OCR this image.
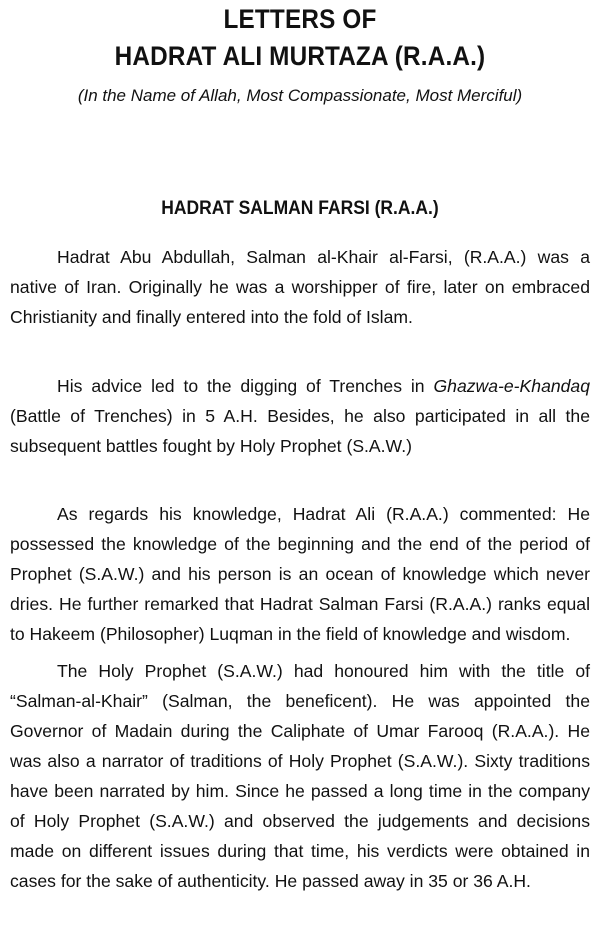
LETTERS OF
HADRAT ALI MURTAZA (R.A.A.)
(In the Name of Allah, Most Compassionate, Most Merciful)
HADRAT SALMAN FARSI (R.A.A.)

Hadrat Abu Abdullah, Salman al-Khair al-Farsi, (R.A.A.) was a native of Iran. Originally he was a worshipper of fire, later on embraced Christianity and finally entered into the fold of Islam.

His advice led to the digging of Trenches in Ghazwa-e-Khandaq (Battle of Trenches) in 5 A.H. Besides, he also participated in all the subsequent battles fought by Holy Prophet (S.A.W.)

As regards his knowledge, Hadrat Ali (R.A.A.) commented: He possessed the knowledge of the beginning and the end of the period of Prophet (S.A.W.) and his person is an ocean of knowledge which never dries. He further remarked that Hadrat Salman Farsi (R.A.A.) ranks equal to Hakeem (Philosopher) Luqman in the field of knowledge and wisdom.

The Holy Prophet (S.A.W.) had honoured him with the title of “Salman-al-Khair” (Salman, the beneficent). He was appointed the Governor of Madain during the Caliphate of Umar Farooq (R.A.A.). He was also a narrator of traditions of Holy Prophet (S.A.W.). Sixty traditions have been narrated by him. Since he passed a long time in the company of Holy Prophet (S.A.W.) and observed the judgements and decisions made on different issues during that time, his verdicts were obtained in cases for the sake of authenticity. He passed away in 35 or 36 A.H.
